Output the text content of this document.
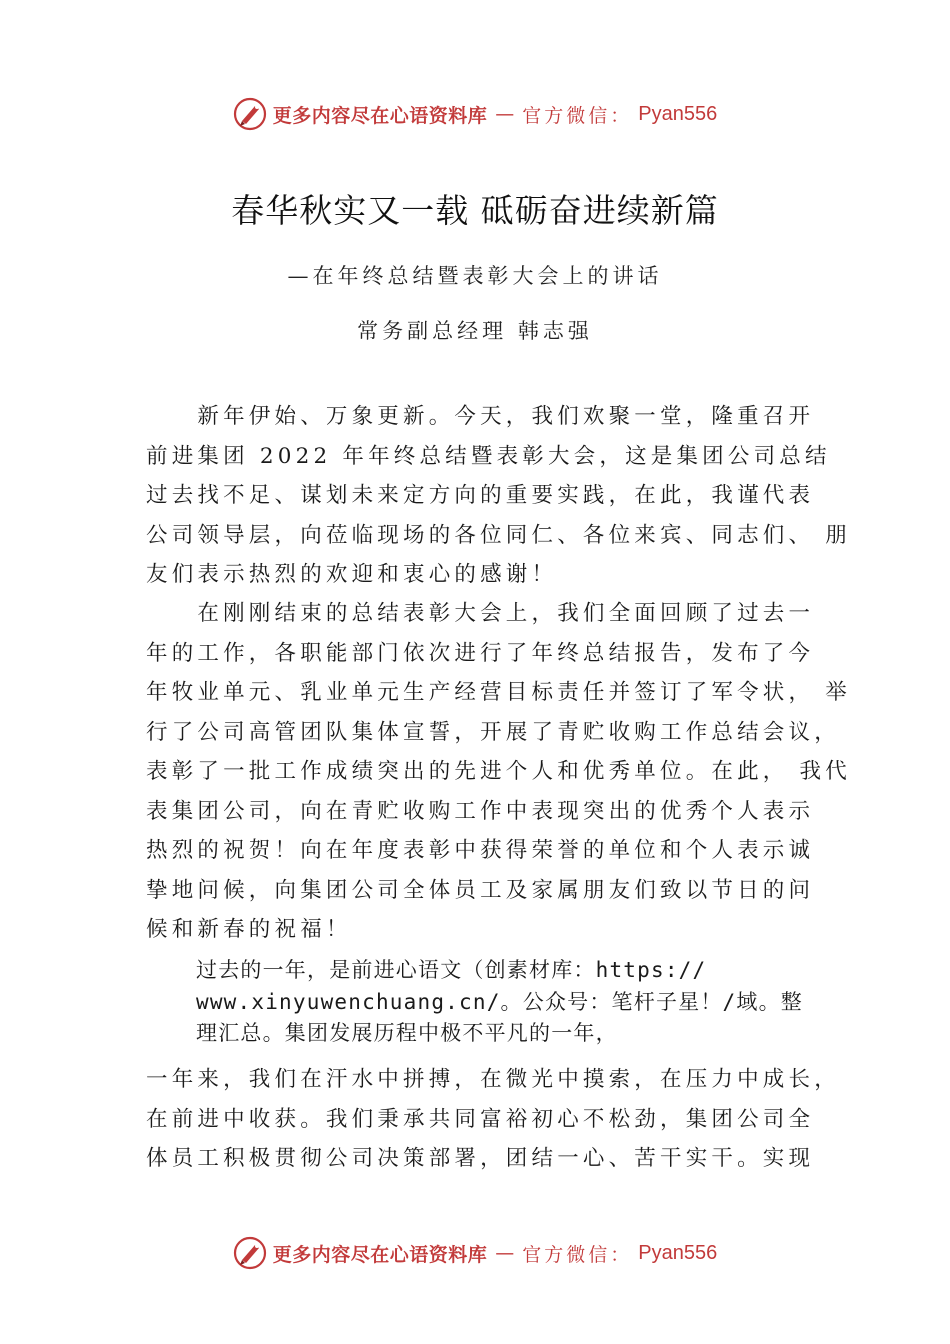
更多内容尽在心语资料库 — 官方微信： Pyan556
春华秋实又一载 砥砺奋进续新篇
—在年终总结暨表彰大会上的讲话
常务副总经理 韩志强
　　新年伊始、万象更新。今天，我们欢聚一堂，隆重召开
前进集团 2022 年年终总结暨表彰大会，这是集团公司总结
过去找不足、谋划未来定方向的重要实践，在此，我谨代表
公司领导层，向莅临现场的各位同仁、各位来宾、同志们、 朋
友们表示热烈的欢迎和衷心的感谢！
　　在刚刚结束的总结表彰大会上，我们全面回顾了过去一
年的工作，各职能部门依次进行了年终总结报告，发布了今
年牧业单元、乳业单元生产经营目标责任并签订了军令状， 举
行了公司高管团队集体宣誓，开展了青贮收购工作总结会议，
表彰了一批工作成绩突出的先进个人和优秀单位。在此， 我代
表集团公司，向在青贮收购工作中表现突出的优秀个人表示
热烈的祝贺！向在年度表彰中获得荣誉的单位和个人表示诚
挚地问候，向集团公司全体员工及家属朋友们致以节日的问
候和新春的祝福！
过去的一年，是前进心语文（创素材库：https://
www.xinyuwenchuang.cn/。公众号：笔杆子星！/域。整
理汇总。集团发展历程中极不平凡的一年，
一年来，我们在汗水中拼搏，在微光中摸索，在压力中成长，
在前进中收获。我们秉承共同富裕初心不松劲，集团公司全
体员工积极贯彻公司决策部署，团结一心、苦干实干。实现
更多内容尽在心语资料库 — 官方微信： Pyan556
